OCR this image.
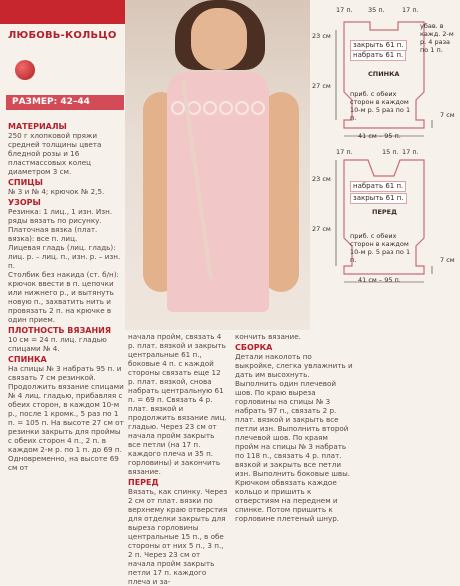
ЛЮБОВЬ-КОЛЬЦО
РАЗМЕР: 42–44
МАТЕРИАЛЫ
250 г хлопковой пряжи средней толщины цвета бледной розы и 16 пластмассовых колец диаметром 3 см.
СПИЦЫ
№ 3 и № 4; крючок № 2,5.
УЗОРЫ
Резинка: 1 лиц., 1 изн. Изн. ряды вязать по рисунку.
Платочная вязка (плат. вязка): все п. лиц.
Лицевая гладь (лиц. гладь): лиц. р. – лиц. п., изн. р. – изн. п.
Столбик без накида (ст. б/н): крючок ввести в п. цепочки или нижнего р., и вытянуть новую п., захватить нить и провязать 2 п. на крючке в один прием.
ПЛОТНОСТЬ ВЯЗАНИЯ
10 см = 24 п. лиц. гладью спицами № 4.
СПИНКА
На спицы № 3 набрать 95 п. и связать 7 см резинкой. Продолжить вязание спицами № 4 лиц. гладью, прибавляя с обеих сторон, в каждом 10-м р., после 1 кромк., 5 раз по 1 п. = 105 п. На высоте 27 см от резинки закрыть для проймы с обеих сторон 4 п., 2 п. в каждом 2-м р. по 1 п. до 69 п. Одновременно, на высоте 69 см от
начала пройм, связать 4 р. плат. вязкой и закрыть центральные 61 п., боковые 4 п. с каждой стороны связать еще 12 р. плат. вязкой, снова набрать центральную 61 п. = 69 п. Связать 4 р. плат. вязкой и продолжить вязание лиц. гладью. Через 23 см от начала пройм закрыть все петли (на 17 п. каждого плеча и 35 п. горловины) и закончить вязание.
ПЕРЕД
Вязать, как спинку. Через 2 см от плат. вязки по верхнему краю отверстия для отделки закрыть для выреза горловины центральные 15 п., в обе стороны от них 5 п., 3 п., 2 п. Через 23 см от начала пройм закрыть петли 17 п. каждого плеча и за-
кончить вязание.
СБОРКА
Детали наколоть по выкройке, слегка увлажнить и дать им высохнуть. Выполнить один плечевой шов. По краю выреза горловины на спицы № 3 набрать 97 п., связать 2 р. плат. вязкой и закрыть все петли изн. Выполнить второй плечевой шов. По краям пройм на спицы № 3 набрать по 118 п., связать 4 р. плат. вязкой и закрыть все петли изн. Выполнить боковые швы. Крючком обвязать каждое кольцо и пришить к отверстиям на переднем и спинке. Потом пришить к горловине плетеный шнур.
17 п. 35 п.	17 п.
убав. в кажд. 2-м р. 4 раза по 1 п.
23 см
27 см
закрыть 61 п.
набрать 61 п.
СПИНКА
приб. с обеих сторон в каждом 10-м р. 5 раз по 1 п.	7 см
41 см – 95 п.
17 п.	15 п. 17 п.
23 см
27 см
набрать 61 п.
закрыть 61 п.
ПЕРЕД
приб. с обеих сторон в каждом 10-м р. 5 раз по 1 п.	7 см
41 см – 95 п.
